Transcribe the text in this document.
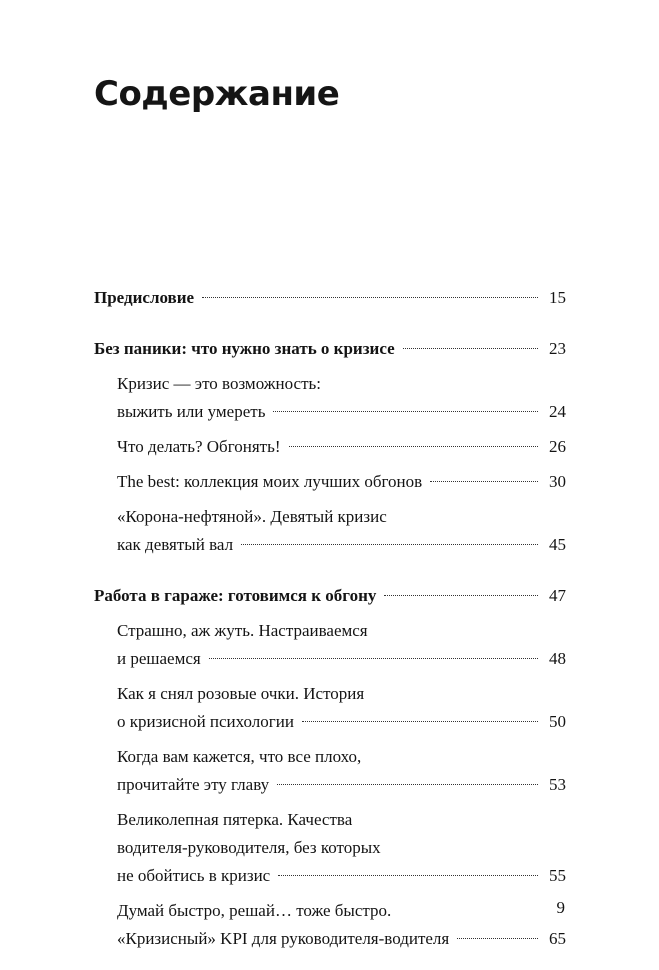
Содержание
Предисловие	15
Без паники: что нужно знать о кризисе	23
Кризис — это возможность:
выжить или умереть	24
Что делать? Обгонять!	26
The best: коллекция моих лучших обгонов	30
«Корона-нефтяной». Девятый кризис
как девятый вал	45
Работа в гараже: готовимся к обгону	47
Страшно, аж жуть. Настраиваемся
и решаемся	48
Как я снял розовые очки. История
о кризисной психологии	50
Когда вам кажется, что все плохо,
прочитайте эту главу	53
Великолепная пятерка. Качества
водителя-руководителя, без которых
не обойтись в кризис	55
Думай быстро, решай… тоже быстро.
«Кризисный» KPI для руководителя-водителя	65
9
